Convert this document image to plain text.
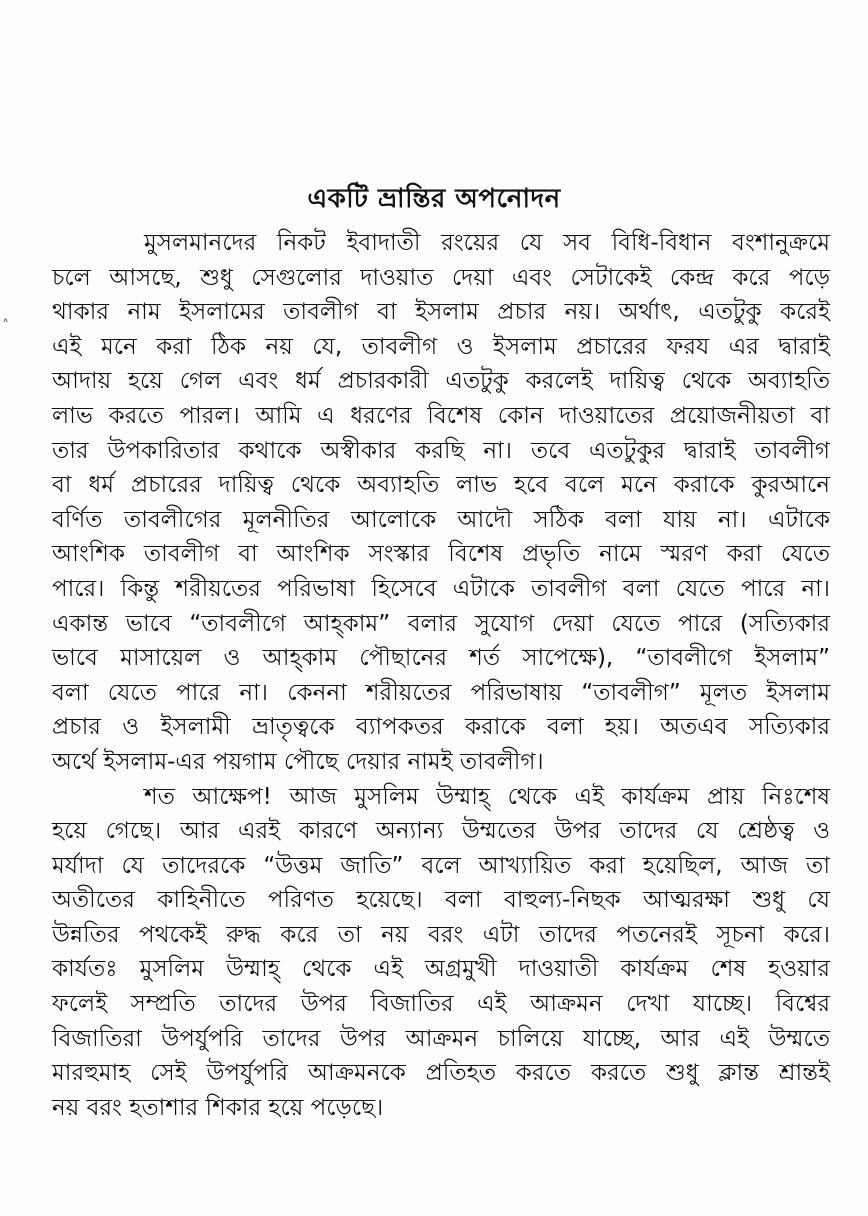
˄
একটি ভ্রান্তির অপনোদন
মুসলমানদের নিকট ইবাদাতী রংয়ের যে সব বিধি-বিধান বংশানুক্রমে
চলে আসছে, শুধু সেগুলোর দাওয়াত দেয়া এবং সেটাকেই কেন্দ্র করে পড়ে
থাকার নাম ইসলামের তাবলীগ বা ইসলাম প্রচার নয়। অর্থাৎ, এতটুকু করেই
এই মনে করা ঠিক নয় যে, তাবলীগ ও ইসলাম প্রচারের ফরয এর দ্বারাই
আদায় হয়ে গেল এবং ধর্ম প্রচারকারী এতটুকু করলেই দায়িত্ব থেকে অব্যাহতি
লাভ করতে পারল। আমি এ ধরণের বিশেষ কোন দাওয়াতের প্রয়োজনীয়তা বা
তার উপকারিতার কথাকে অস্বীকার করছি না। তবে এতটুকুর দ্বারাই তাবলীগ
বা ধর্ম প্রচারের দায়িত্ব থেকে অব্যাহতি লাভ হবে বলে মনে করাকে কুরআনে
বর্ণিত তাবলীগের মূলনীতির আলোকে আদৌ সঠিক বলা যায় না। এটাকে
আংশিক তাবলীগ বা আংশিক সংস্কার বিশেষ প্রভৃতি নামে স্মরণ করা যেতে
পারে। কিন্তু শরীয়তের পরিভাষা হিসেবে এটাকে তাবলীগ বলা যেতে পারে না।
একান্ত ভাবে “তাবলীগে আহ্কাম” বলার সুযোগ দেয়া যেতে পারে (সত্যিকার
ভাবে মাসায়েল ও আহ্কাম পৌছানের শর্ত সাপেক্ষে), “তাবলীগে ইসলাম”
বলা যেতে পারে না। কেননা শরীয়তের পরিভাষায় “তাবলীগ” মূলত ইসলাম
প্রচার ও ইসলামী ভ্রাতৃত্বকে ব্যাপকতর করাকে বলা হয়। অতএব সত্যিকার
অর্থে ইসলাম-এর পয়গাম পৌছে দেয়ার নামই তাবলীগ।
শত আক্ষেপ! আজ মুসলিম উম্মাহ্ থেকে এই কার্যক্রম প্রায় নিঃশেষ
হয়ে গেছে। আর এরই কারণে অন্যান্য উম্মতের উপর তাদের যে শ্রেষ্ঠত্ব ও
মর্যাদা যে তাদেরকে “উত্তম জাতি” বলে আখ্যায়িত করা হয়েছিল, আজ তা
অতীতের কাহিনীতে পরিণত হয়েছে। বলা বাহুল্য-নিছক আত্মরক্ষা শুধু যে
উন্নতির পথকেই রুদ্ধ করে তা নয় বরং এটা তাদের পতনেরই সূচনা করে।
কার্যতঃ মুসলিম উম্মাহ্ থেকে এই অগ্রমুখী দাওয়াতী কার্যক্রম শেষ হওয়ার
ফলেই সম্প্রতি তাদের উপর বিজাতির এই আক্রমন দেখা যাচ্ছে। বিশ্বের
বিজাতিরা উপর্যুপরি তাদের উপর আক্রমন চালিয়ে যাচ্ছে, আর এই উম্মতে
মারহুমাহ সেই উপর্যুপরি আক্রমনকে প্রতিহত করতে করতে শুধু ক্লান্ত শ্রান্তই
নয় বরং হতাশার শিকার হয়ে পড়েছে।
